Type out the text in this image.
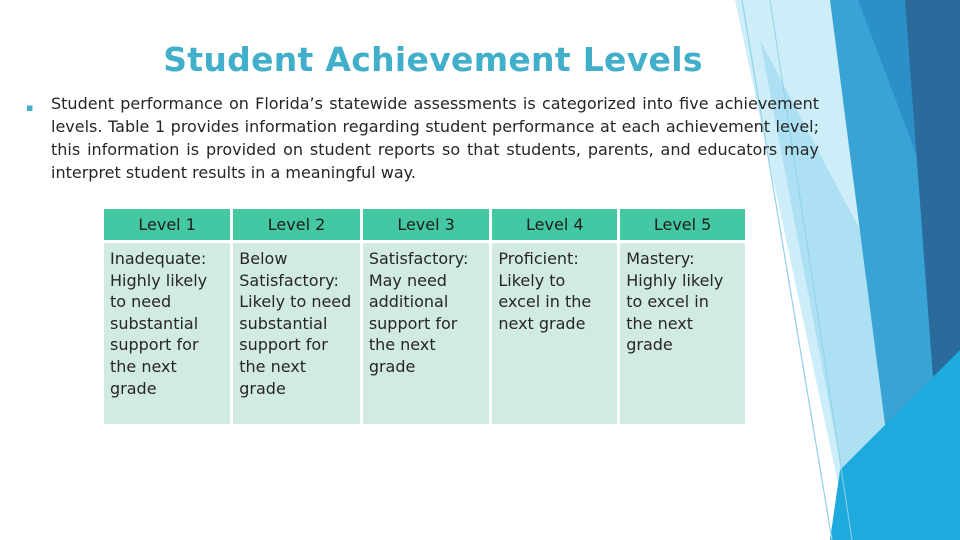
Student Achievement Levels
▪ Student performance on Florida’s statewide assessments is categorized into five achievement levels. Table 1 provides information regarding student performance at each achievement level; this information is provided on student reports so that students, parents, and educators may interpret student results in a meaningful way.
Level 1	Level 2	Level 3	Level 4	Level 5
Inadequate: Highly likely to need substantial support for the next grade	Below Satisfactory: Likely to need substantial support for the next grade	Satisfactory: May need additional support for the next grade	Proficient: Likely to excel in the next grade	Mastery: Highly likely to excel in the next grade
